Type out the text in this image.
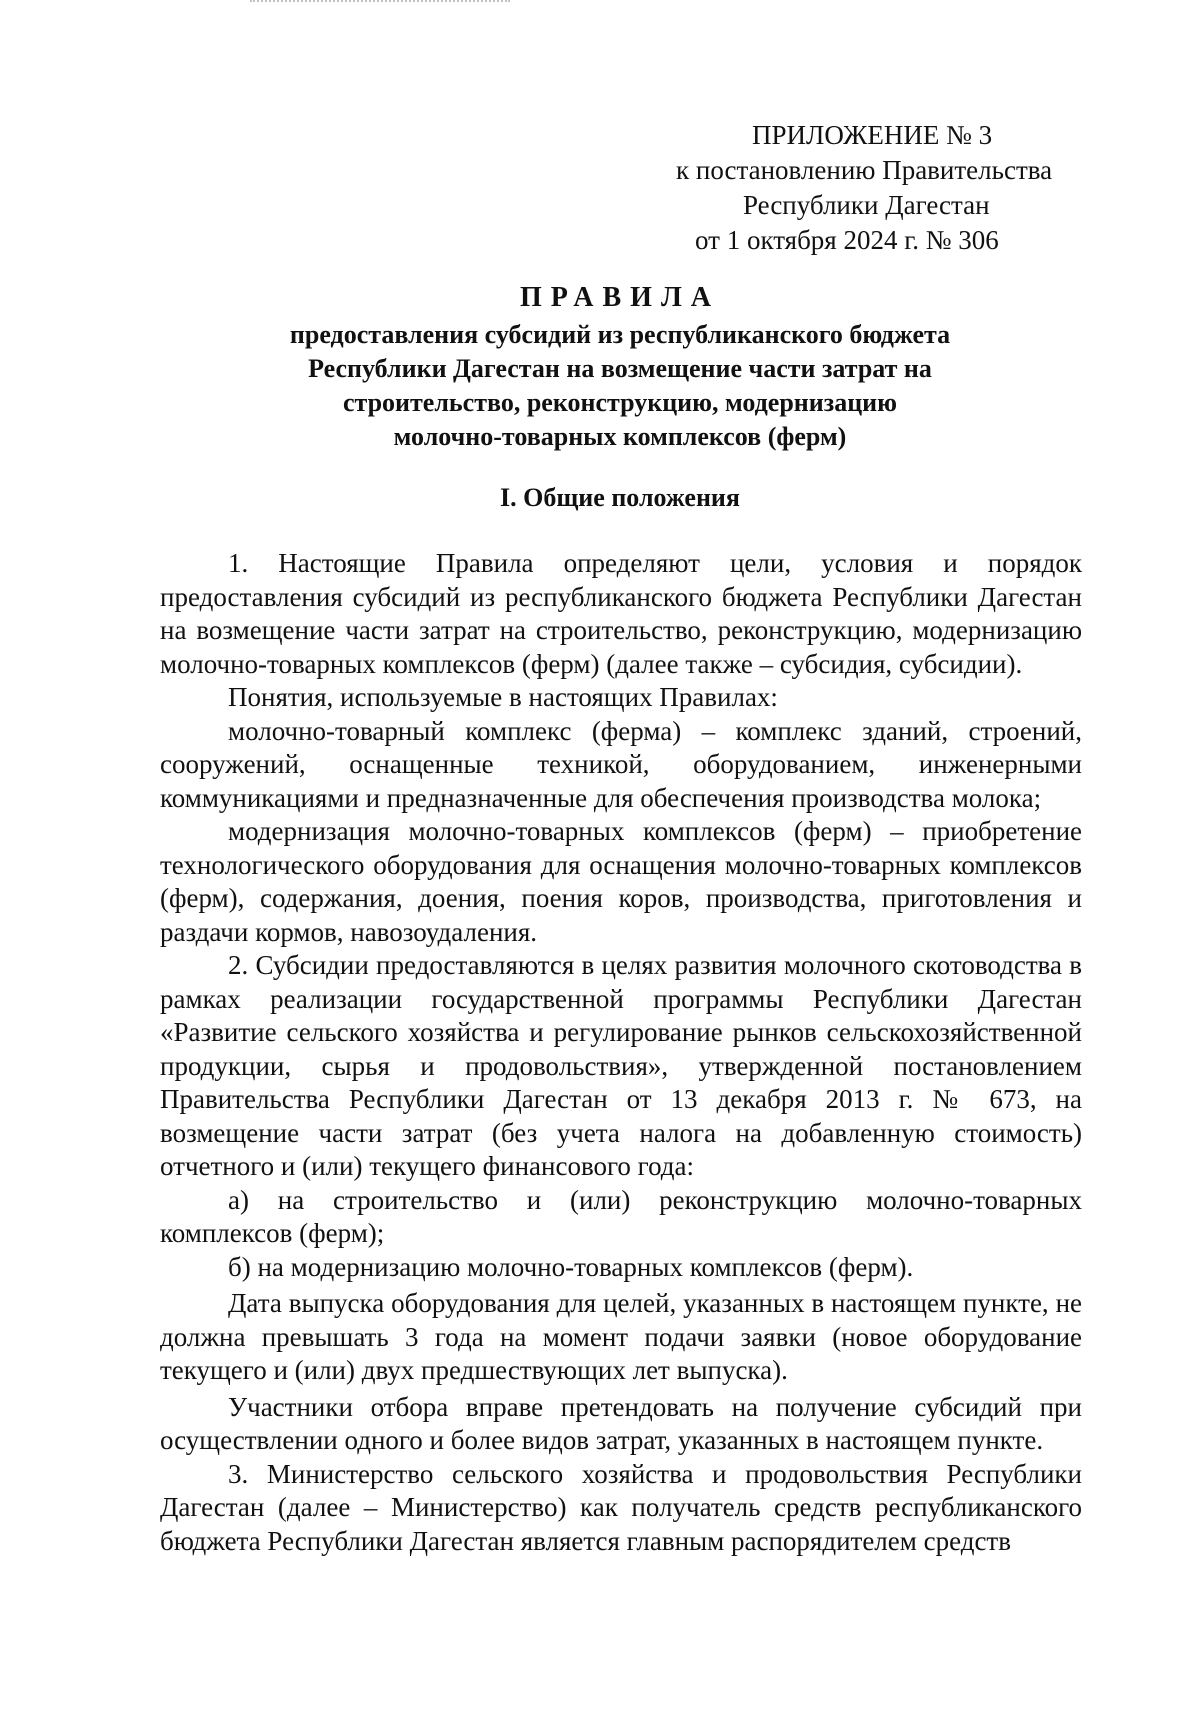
ПРИЛОЖЕНИЕ № 3
к постановлению Правительства
Республики Дагестан
от 1 октября 2024 г. № 306
ПРАВИЛА
предоставления субсидий из республиканского бюджета
Республики Дагестан на возмещение части затрат на
строительство, реконструкцию, модернизацию
молочно-товарных комплексов (ферм)
I. Общие положения

1. Настоящие Правила определяют цели, условия и порядок предоставления субсидий из республиканского бюджета Республики Дагестан на возмещение части затрат на строительство, реконструкцию, модернизацию молочно-товарных комплексов (ферм) (далее также – субсидия, субсидии).

Понятия, используемые в настоящих Правилах:

молочно-товарный комплекс (ферма) – комплекс зданий, строений, сооружений, оснащенные техникой, оборудованием, инженерными коммуникациями и предназначенные для обеспечения производства молока;

модернизация молочно-товарных комплексов (ферм) – приобретение технологического оборудования для оснащения молочно-товарных комплексов (ферм), содержания, доения, поения коров, производства, приготовления и раздачи кормов, навозоудаления.

2. Субсидии предоставляются в целях развития молочного скотоводства в рамках реализации государственной программы Республики Дагестан «Развитие сельского хозяйства и регулирование рынков сельскохозяйственной продукции, сырья и продовольствия», утвержденной постановлением Правительства Республики Дагестан от 13 декабря 2013 г. № 673, на возмещение части затрат (без учета налога на добавленную стоимость) отчетного и (или) текущего финансового года:

а) на строительство и (или) реконструкцию молочно-товарных комплексов (ферм);

б) на модернизацию молочно-товарных комплексов (ферм).

Дата выпуска оборудования для целей, указанных в настоящем пункте, не должна превышать 3 года на момент подачи заявки (новое оборудование текущего и (или) двух предшествующих лет выпуска).

Участники отбора вправе претендовать на получение субсидий при осуществлении одного и более видов затрат, указанных в настоящем пункте.

3. Министерство сельского хозяйства и продовольствия Республики Дагестан (далее – Министерство) как получатель средств республиканского бюджета Республики Дагестан является главным распорядителем средств
